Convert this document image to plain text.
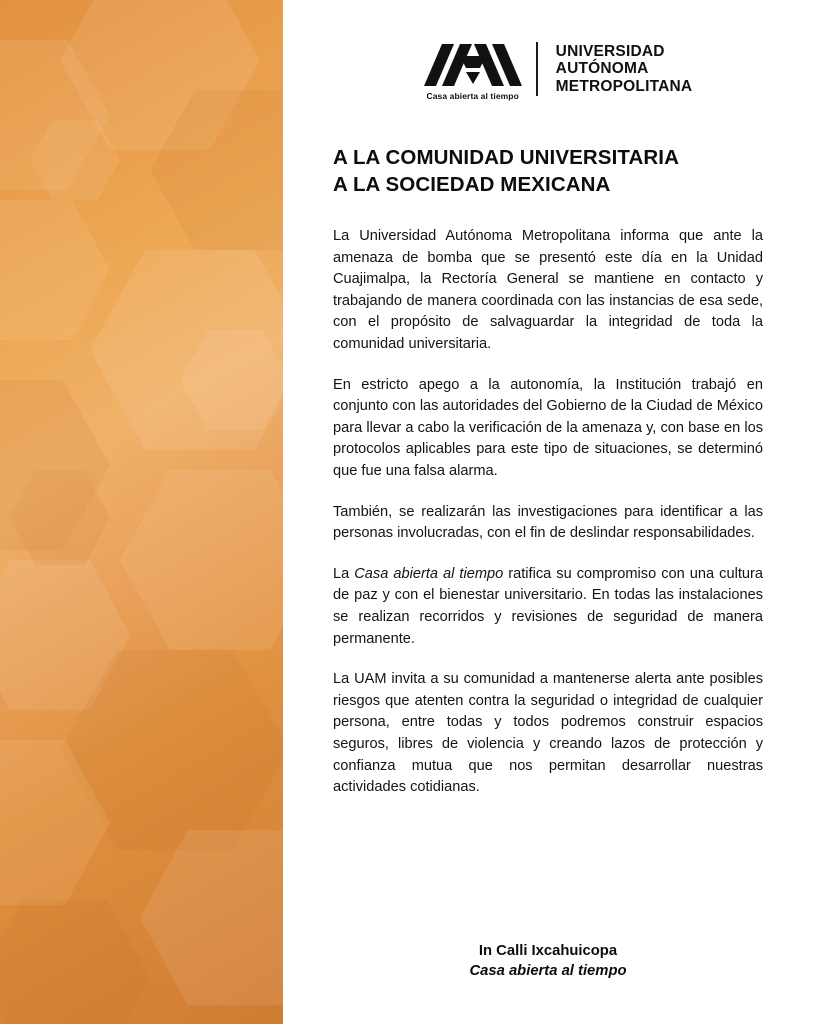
Casa abierta al tiempo
UNIVERSIDAD
AUTÓNOMA
METROPOLITANA
A LA COMUNIDAD UNIVERSITARIA
A LA SOCIEDAD MEXICANA

La Universidad Autónoma Metropolitana informa que ante la amenaza de bomba que se presentó este día en la Unidad Cuajimalpa, la Rectoría General se mantiene en contacto y trabajando de manera coordinada con las instancias de esa sede, con el propósito de salvaguardar la integridad de toda la comunidad universitaria.

En estricto apego a la autonomía, la Institución trabajó en conjunto con las autoridades del Gobierno de la Ciudad de México para llevar a cabo la verificación de la amenaza y, con base en los protocolos aplicables para este tipo de situaciones, se determinó que fue una falsa alarma.

También, se realizarán las investigaciones para identificar a las personas involucradas, con el fin de deslindar responsabilidades.

La Casa abierta al tiempo ratifica su compromiso con una cultura de paz y con el bienestar universitario. En todas las instalaciones se realizan recorridos y revisiones de seguridad de manera permanente.

La UAM invita a su comunidad a mantenerse alerta ante posibles riesgos que atenten contra la seguridad o integridad de cualquier persona, entre todas y todos podremos construir espacios seguros, libres de violencia y creando lazos de protección y confianza mutua que nos permitan desarrollar nuestras actividades cotidianas.

In Calli Ixcahuicopa
Casa abierta al tiempo
